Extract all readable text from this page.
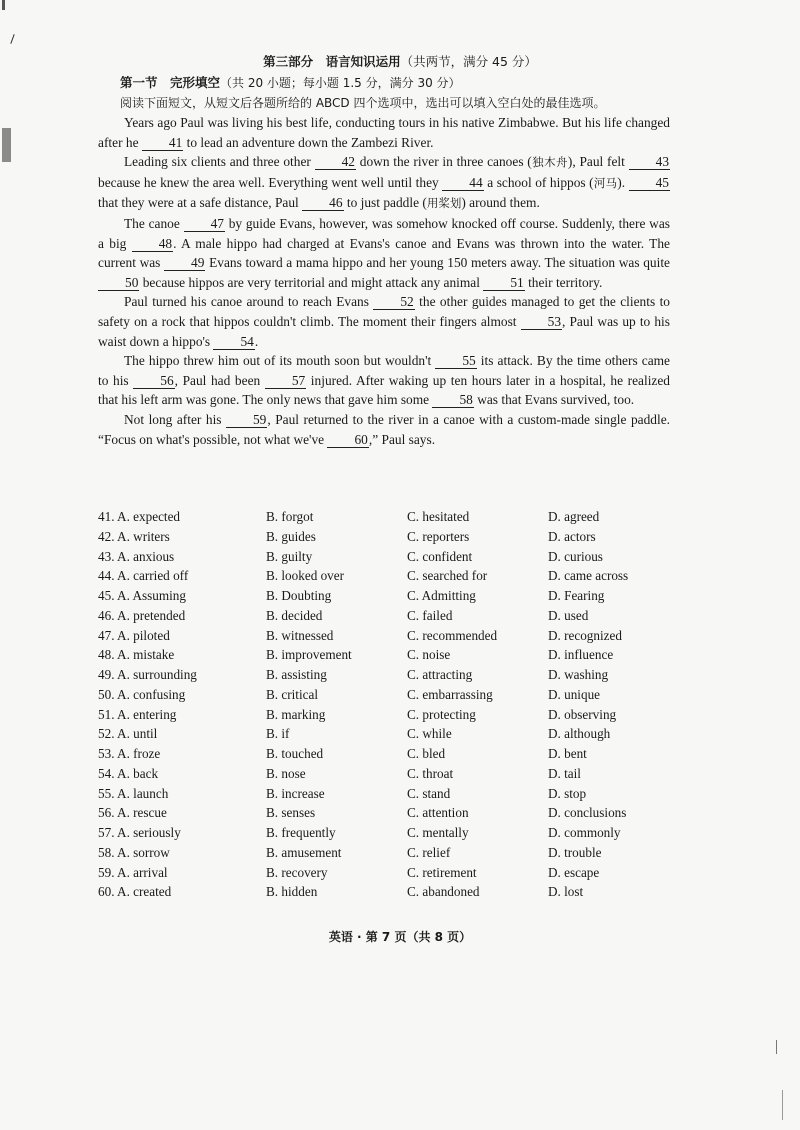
第三部分　语言知识运用（共两节，满分 45 分）
第一节　完形填空（共 20 小题；每小题 1.5 分，满分 30 分）
阅读下面短文，从短文后各题所给的 ABCD 四个选项中，选出可以填入空白处的最佳选项。

Years ago Paul was living his best life, conducting tours in his native Zimbabwe. But his life changed after he 41 to lead an adventure down the Zambezi River.

Leading six clients and three other 42 down the river in three canoes (独木舟), Paul felt 43 because he knew the area well. Everything went well until they 44 a school of hippos (河马). 45 that they were at a safe distance, Paul 46 to just paddle (用桨划) around them.

The canoe 47 by guide Evans, however, was somehow knocked off course. Suddenly, there was a big 48. A male hippo had charged at Evans's canoe and Evans was thrown into the water. The current was 49 Evans toward a mama hippo and her young 150 meters away. The situation was quite 50 because hippos are very territorial and might attack any animal 51 their territory.

Paul turned his canoe around to reach Evans 52 the other guides managed to get the clients to safety on a rock that hippos couldn't climb. The moment their fingers almost 53, Paul was up to his waist down a hippo's 54.

The hippo threw him out of its mouth soon but wouldn't 55 its attack. By the time others came to his 56, Paul had been 57 injured. After waking up ten hours later in a hospital, he realized that his left arm was gone. The only news that gave him some 58 was that Evans survived, too.

Not long after his 59, Paul returned to the river in a canoe with a custom-made single paddle. “Focus on what's possible, not what we've 60,” Paul says.

41. A. expected	B. forgot	C. hesitated	D. agreed
42. A. writers	B. guides	C. reporters	D. actors
43. A. anxious	B. guilty	C. confident	D. curious
44. A. carried off	B. looked over	C. searched for	D. came across
45. A. Assuming	B. Doubting	C. Admitting	D. Fearing
46. A. pretended	B. decided	C. failed	D. used
47. A. piloted	B. witnessed	C. recommended	D. recognized
48. A. mistake	B. improvement	C. noise	D. influence
49. A. surrounding	B. assisting	C. attracting	D. washing
50. A. confusing	B. critical	C. embarrassing	D. unique
51. A. entering	B. marking	C. protecting	D. observing
52. A. until	B. if	C. while	D. although
53. A. froze	B. touched	C. bled	D. bent
54. A. back	B. nose	C. throat	D. tail
55. A. launch	B. increase	C. stand	D. stop
56. A. rescue	B. senses	C. attention	D. conclusions
57. A. seriously	B. frequently	C. mentally	D. commonly
58. A. sorrow	B. amusement	C. relief	D. trouble
59. A. arrival	B. recovery	C. retirement	D. escape
60. A. created	B. hidden	C. abandoned	D. lost
英语 · 第 7 页（共 8 页）
